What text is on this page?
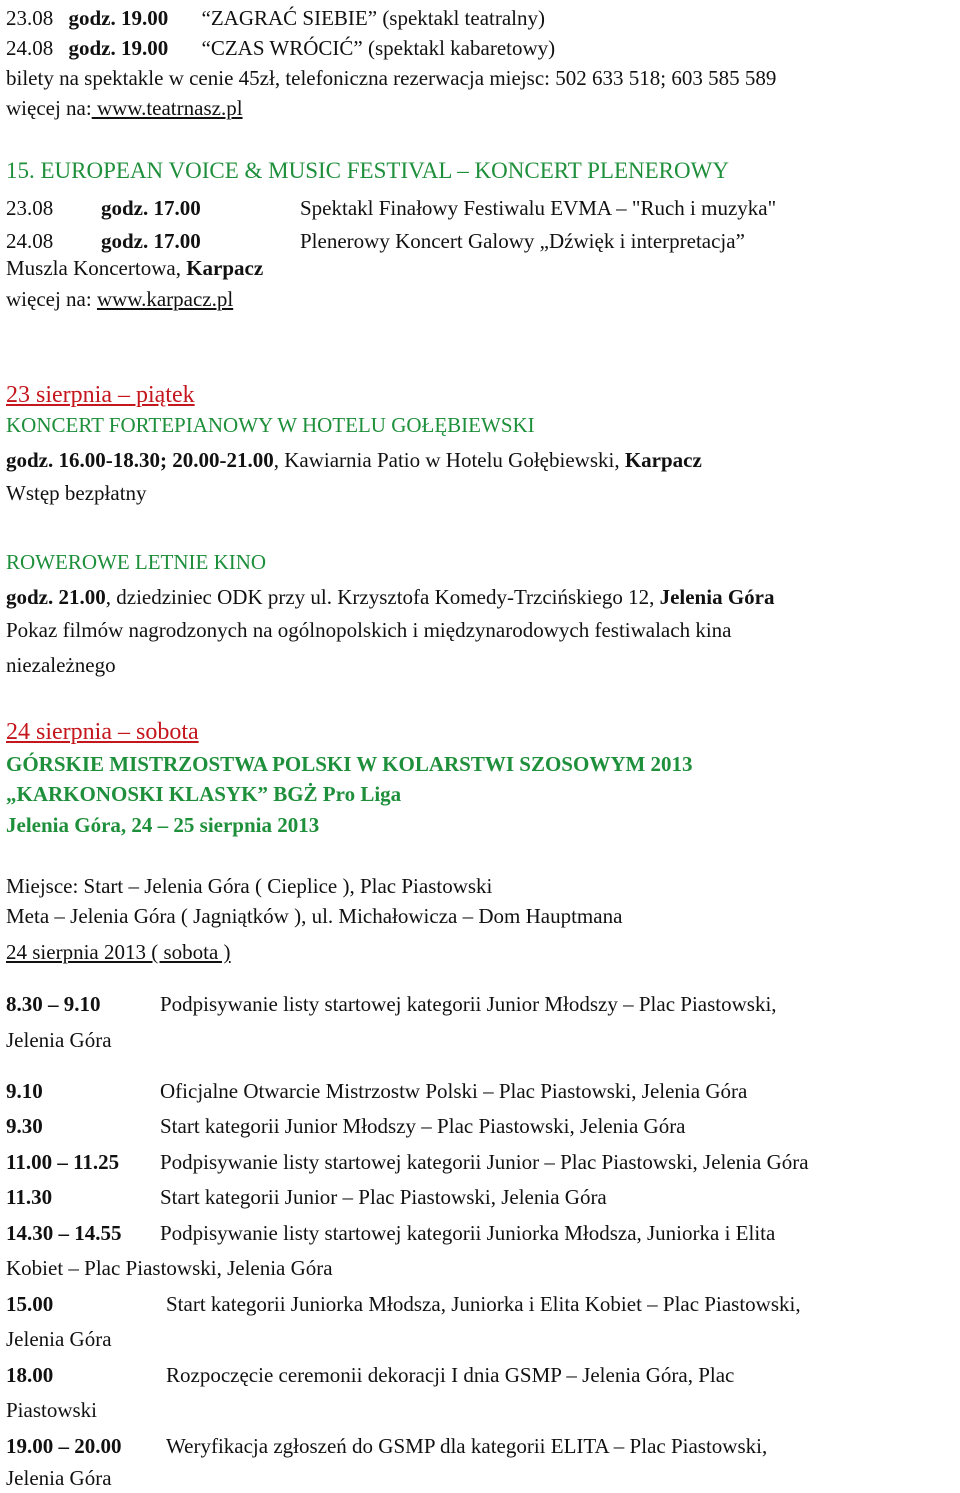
23.08 godz. 19.00 “ZAGRAĆ SIEBIE” (spektakl teatralny)
24.08 godz. 19.00 “CZAS WRÓCIĆ” (spektakl kabaretowy)
bilety na spektakle w cenie 45zł, telefoniczna rezerwacja miejsc: 502 633 518; 603 585 589
więcej na: www.teatrnasz.pl
15. EUROPEAN VOICE & MUSIC FESTIVAL – KONCERT PLENEROWY
23.08 godz. 17.00	Spektakl Finałowy Festiwalu EVMA – "Ruch i muzyka"
24.08 godz. 17.00	Plenerowy Koncert Galowy „Dźwięk i interpretacja”
Muszla Koncertowa, Karpacz
więcej na: www.karpacz.pl
23 sierpnia – piątek
KONCERT FORTEPIANOWY W HOTELU GOŁĘBIEWSKI
godz. 16.00-18.30; 20.00-21.00, Kawiarnia Patio w Hotelu Gołębiewski, Karpacz
Wstęp bezpłatny
ROWEROWE LETNIE KINO
godz. 21.00, dziedziniec ODK przy ul. Krzysztofa Komedy-Trzcińskiego 12, Jelenia Góra
Pokaz filmów nagrodzonych na ogólnopolskich i międzynarodowych festiwalach kina
niezależnego
24 sierpnia – sobota
GÓRSKIE MISTRZOSTWA POLSKI W KOLARSTWI SZOSOWYM 2013
„KARKONOSKI KLASYK” BGŻ Pro Liga
Jelenia Góra, 24 – 25 sierpnia 2013
Miejsce: Start – Jelenia Góra ( Cieplice ), Plac Piastowski
Meta – Jelenia Góra ( Jagniątków ), ul. Michałowicza – Dom Hauptmana
24 sierpnia 2013 ( sobota )
8.30 – 9.10	Podpisywanie listy startowej kategorii Junior Młodszy – Plac Piastowski,
Jelenia Góra
9.10	Oficjalne Otwarcie Mistrzostw Polski – Plac Piastowski, Jelenia Góra
9.30	Start kategorii Junior Młodszy – Plac Piastowski, Jelenia Góra
11.00 – 11.25 Podpisywanie listy startowej kategorii Junior – Plac Piastowski, Jelenia Góra
11.30	Start kategorii Junior – Plac Piastowski, Jelenia Góra
14.30 – 14.55 Podpisywanie listy startowej kategorii Juniorka Młodsza, Juniorka i Elita
Kobiet – Plac Piastowski, Jelenia Góra
15.00	Start kategorii Juniorka Młodsza, Juniorka i Elita Kobiet – Plac Piastowski,
Jelenia Góra
18.00	Rozpoczęcie ceremonii dekoracji I dnia GSMP – Jelenia Góra, Plac
Piastowski
19.00 – 20.00 Weryfikacja zgłoszeń do GSMP dla kategorii ELITA – Plac Piastowski,
Jelenia Góra
